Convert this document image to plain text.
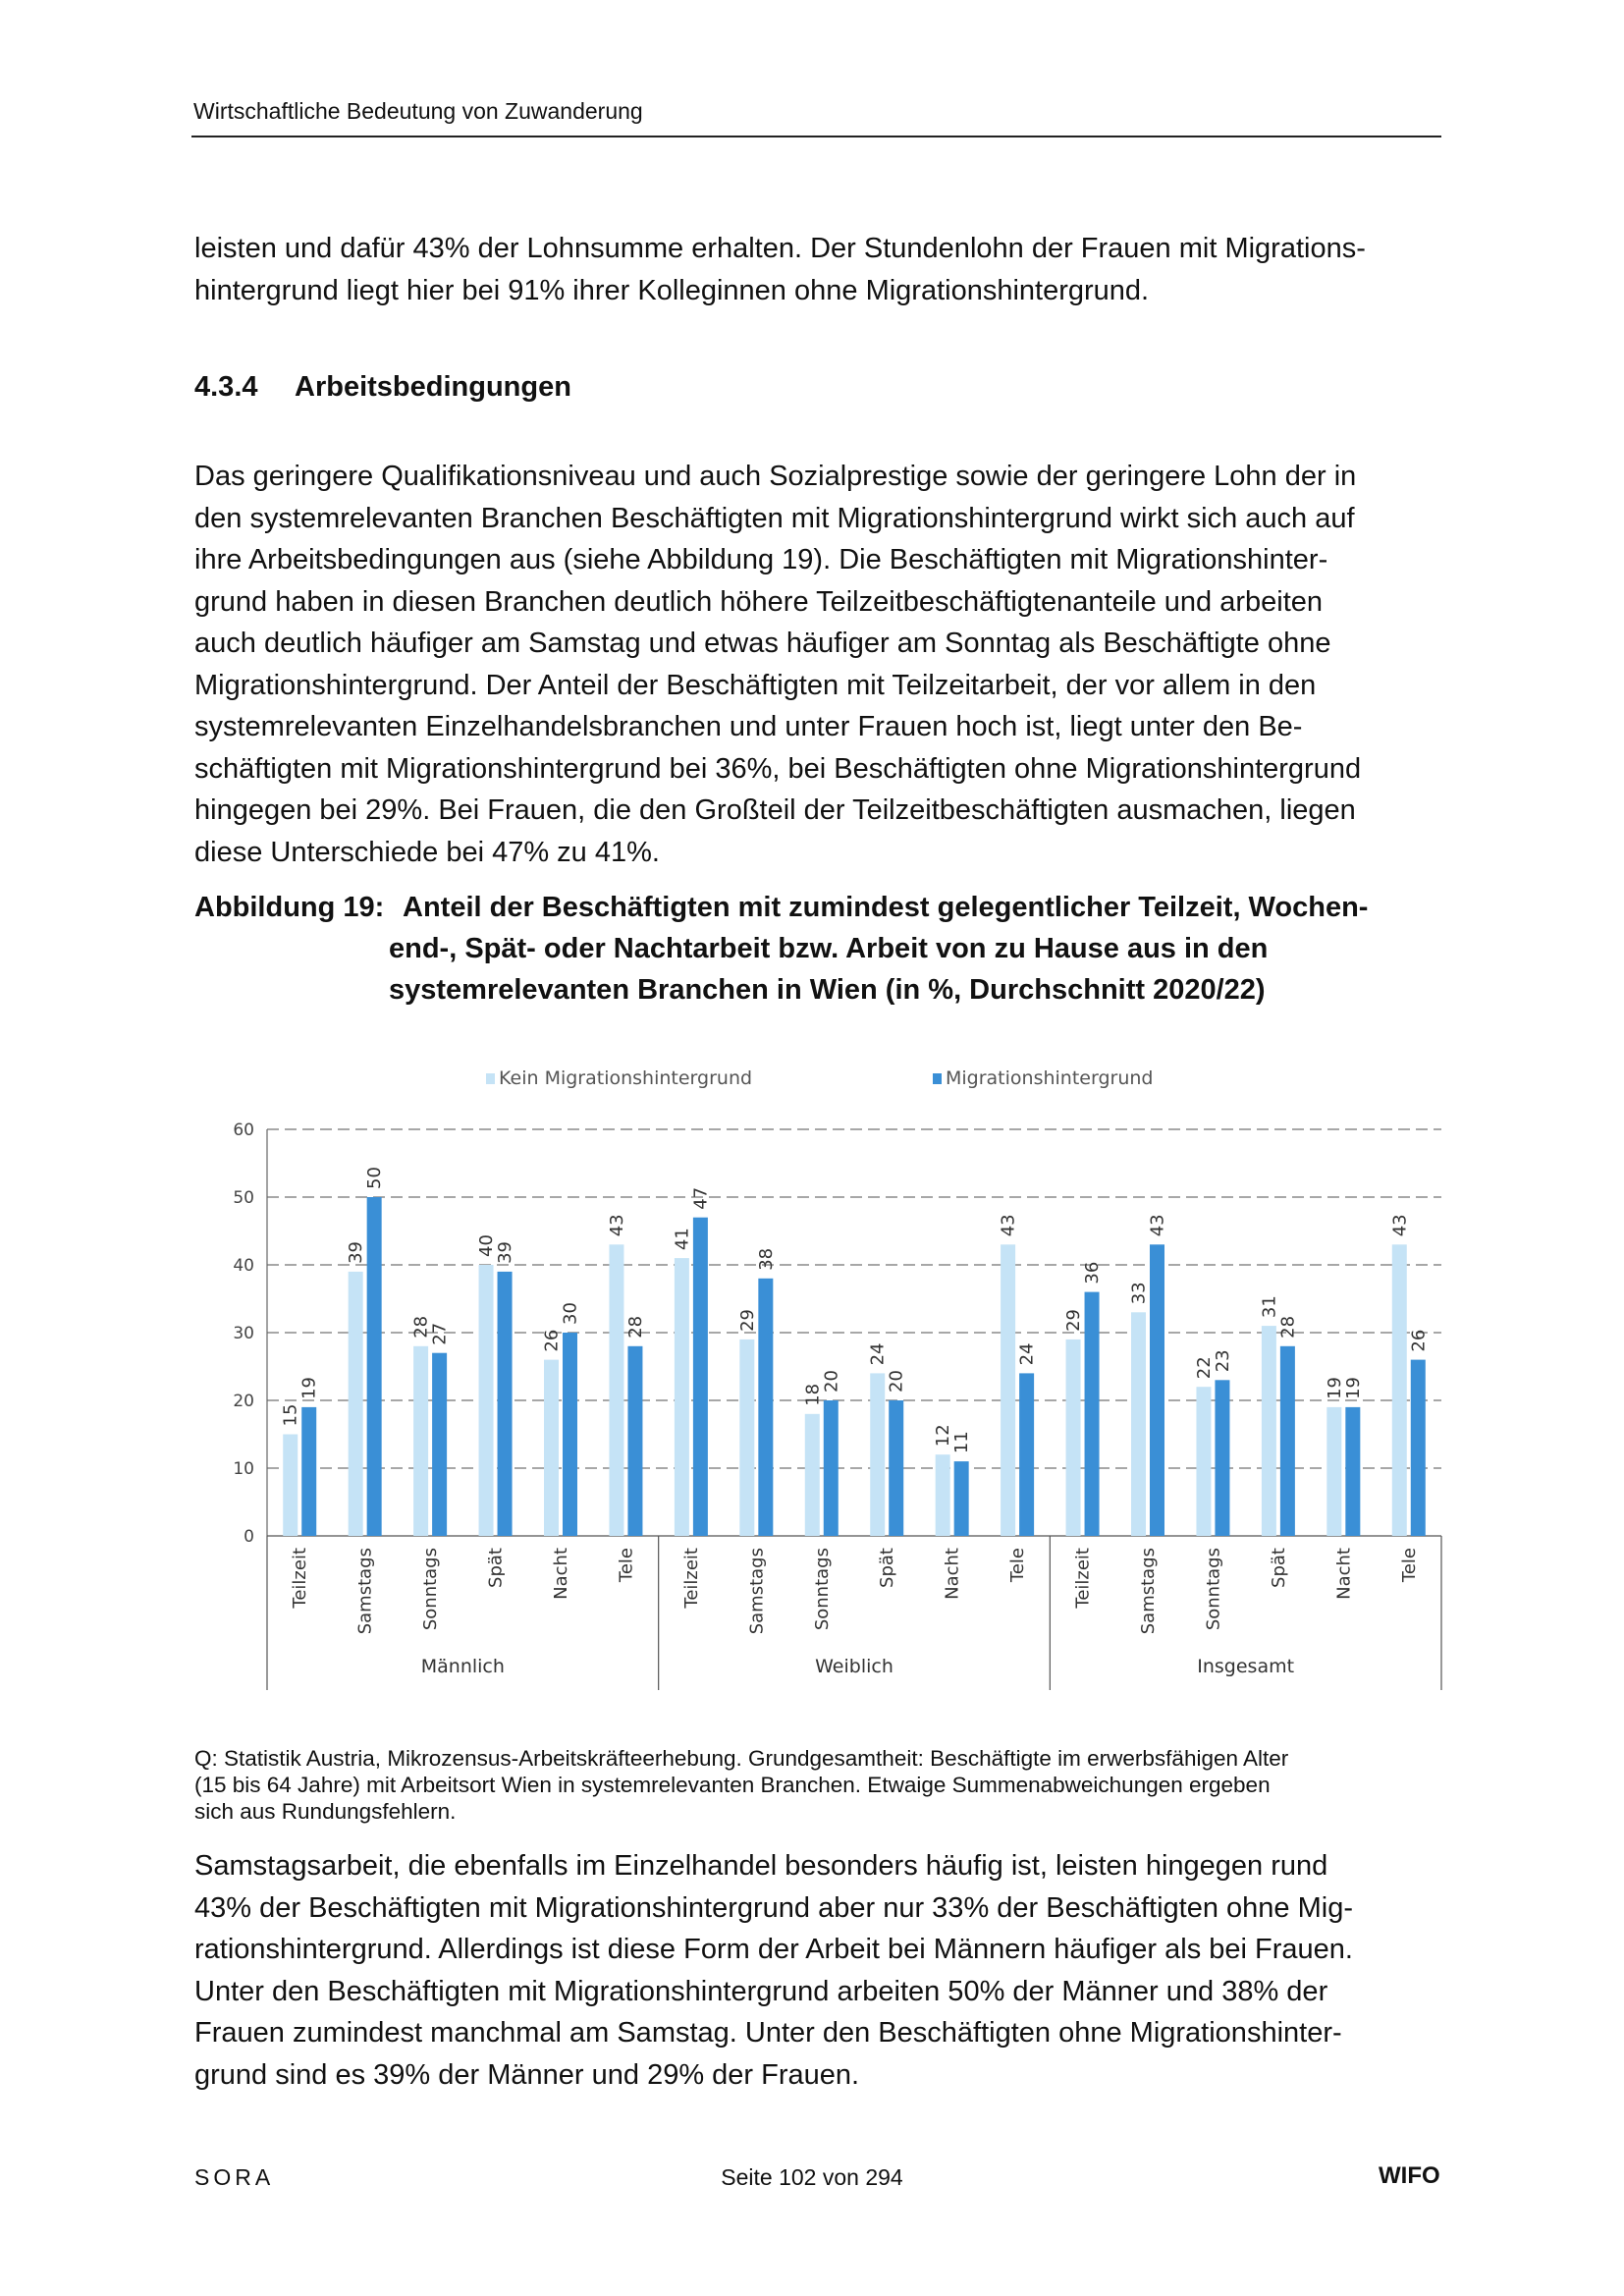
Wirtschaftliche Bedeutung von Zuwanderung

leisten und dafür 43% der Lohnsumme erhalten. Der Stundenlohn der Frauen mit Migrations-

hintergrund liegt hier bei 91% ihrer Kolleginnen ohne Migrationshintergrund.

4.3.4 Arbeitsbedingungen

Das geringere Qualifikationsniveau und auch Sozialprestige sowie der geringere Lohn der in

den systemrelevanten Branchen Beschäftigten mit Migrationshintergrund wirkt sich auch auf

ihre Arbeitsbedingungen aus (siehe Abbildung 19). Die Beschäftigten mit Migrationshinter-

grund haben in diesen Branchen deutlich höhere Teilzeitbeschäftigtenanteile und arbeiten

auch deutlich häufiger am Samstag und etwas häufiger am Sonntag als Beschäftigte ohne

Migrationshintergrund. Der Anteil der Beschäftigten mit Teilzeitarbeit, der vor allem in den

systemrelevanten Einzelhandelsbranchen und unter Frauen hoch ist, liegt unter den Be-

schäftigten mit Migrationshintergrund bei 36%, bei Beschäftigten ohne Migrationshintergrund

hingegen bei 29%. Bei Frauen, die den Großteil der Teilzeitbeschäftigten ausmachen, liegen

diese Unterschiede bei 47% zu 41%.

Abbildung 19: Anteil der Beschäftigten mit zumindest gelegentlicher Teilzeit, Wochen-
end-, Spät- oder Nachtarbeit bzw. Arbeit von zu Hause aus in den
systemrelevanten Branchen in Wien (in %, Durchschnitt 2020/22)
Kein Migrationshintergrund	Migrationshintergrund
0
10
20
30
40
50
60
15
19
Teilzeit
39
50
Samstags
28
27
Sonntags
40
39
Spät
26
30
Nacht
43
28
Tele
41
47
Teilzeit
29
38
Samstags
18
20
Sonntags
24
20
Spät
12
11
Nacht
43
24
Tele
29
36
Teilzeit
33
43
Samstags
22
23
Sonntags
31
28
Spät
19
19
Nacht
43
26
Tele
Männlich	Weiblich	Insgesamt
Q: Statistik Austria, Mikrozensus-Arbeitskräfteerhebung. Grundgesamtheit: Beschäftigte im erwerbsfähigen Alter
(15 bis 64 Jahre) mit Arbeitsort Wien in systemrelevanten Branchen. Etwaige Summenabweichungen ergeben
sich aus Rundungsfehlern.

Samstagsarbeit, die ebenfalls im Einzelhandel besonders häufig ist, leisten hingegen rund

43% der Beschäftigten mit Migrationshintergrund aber nur 33% der Beschäftigten ohne Mig-

rationshintergrund. Allerdings ist diese Form der Arbeit bei Männern häufiger als bei Frauen.

Unter den Beschäftigten mit Migrationshintergrund arbeiten 50% der Männer und 38% der

Frauen zumindest manchmal am Samstag. Unter den Beschäftigten ohne Migrationshinter-

grund sind es 39% der Männer und 29% der Frauen.

SORA	Seite 102 von 294	WIFO
